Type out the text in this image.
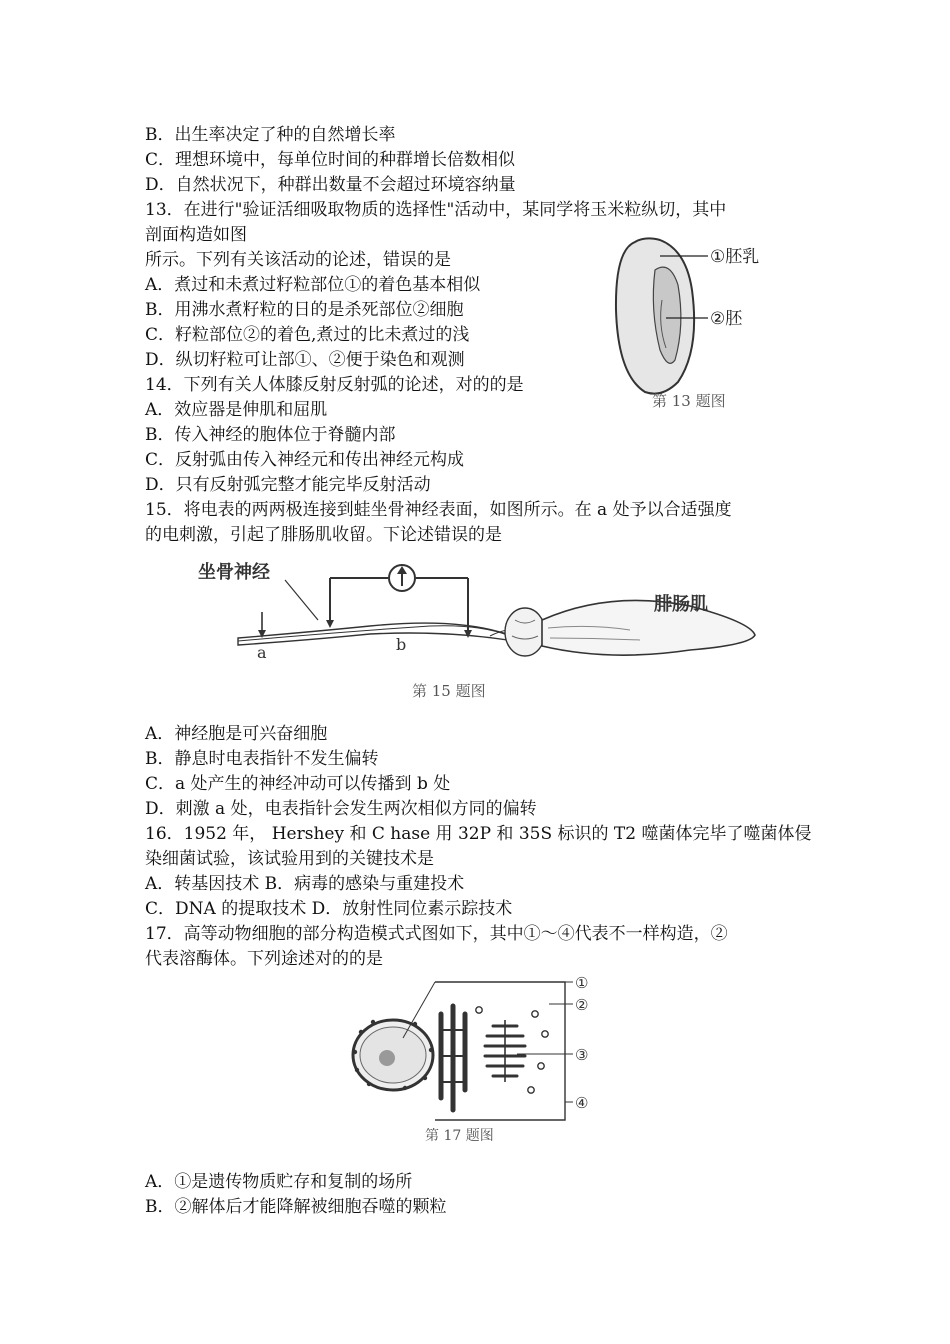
B．出生率决定了种的自然增长率
C．理想环境中，每单位时间的种群增长倍数相似
D．自然状况下，种群出数量不会超过环境容纳量
13．在进行"验证活细吸取物质的选择性"活动中，某同学将玉米粒纵切，其中
剖面构造如图
所示。下列有关该活动的论述，错误的是
A．煮过和未煮过籽粒部位①的着色基本相似
B．用沸水煮籽粒的日的是杀死部位②细胞
C．籽粒部位②的着色,煮过的比未煮过的浅
D．纵切籽粒可让部①、②便于染色和观测
14．下列有关人体膝反射反射弧的论述，对的的是
A．效应器是伸肌和屈肌
B．传入神经的胞体位于脊髓内部
C．反射弧由传入神经元和传出神经元构成
D．只有反射弧完整才能完毕反射活动
15．将电表的两两极连接到蛙坐骨神经表面，如图所示。在 a 处予以合适强度
的电刺激，引起了腓肠肌收留。下论述错误的是
A．神经胞是可兴奋细胞
B．静息时电表指针不发生偏转
C．a 处产生的神经冲动可以传播到 b 处
D．刺激 a 处，电表指针会发生两次相似方同的偏转
16．1952 年， Hershey 和 C hase 用 32P 和 35S 标识的 T2 噬菌体完毕了噬菌体侵
染细菌试验，该试验用到的关键技术是
A．转基因技术 B．病毒的感染与重建投术
C．DNA 的提取技术 D．放射性同位素示踪技术
17．高等动物细胞的部分构造模式式图如下，其中①～④代表不一样构造，②
代表溶酶体。下列途述对的的是
A．①是遗传物质贮存和复制的场所
B．②解体后才能降解被细胞吞噬的颗粒
①胚乳
②胚
第 13 题图
坐骨神经
a	b
腓肠肌
第 15 题图
①
②
③
④
第 17 题图
